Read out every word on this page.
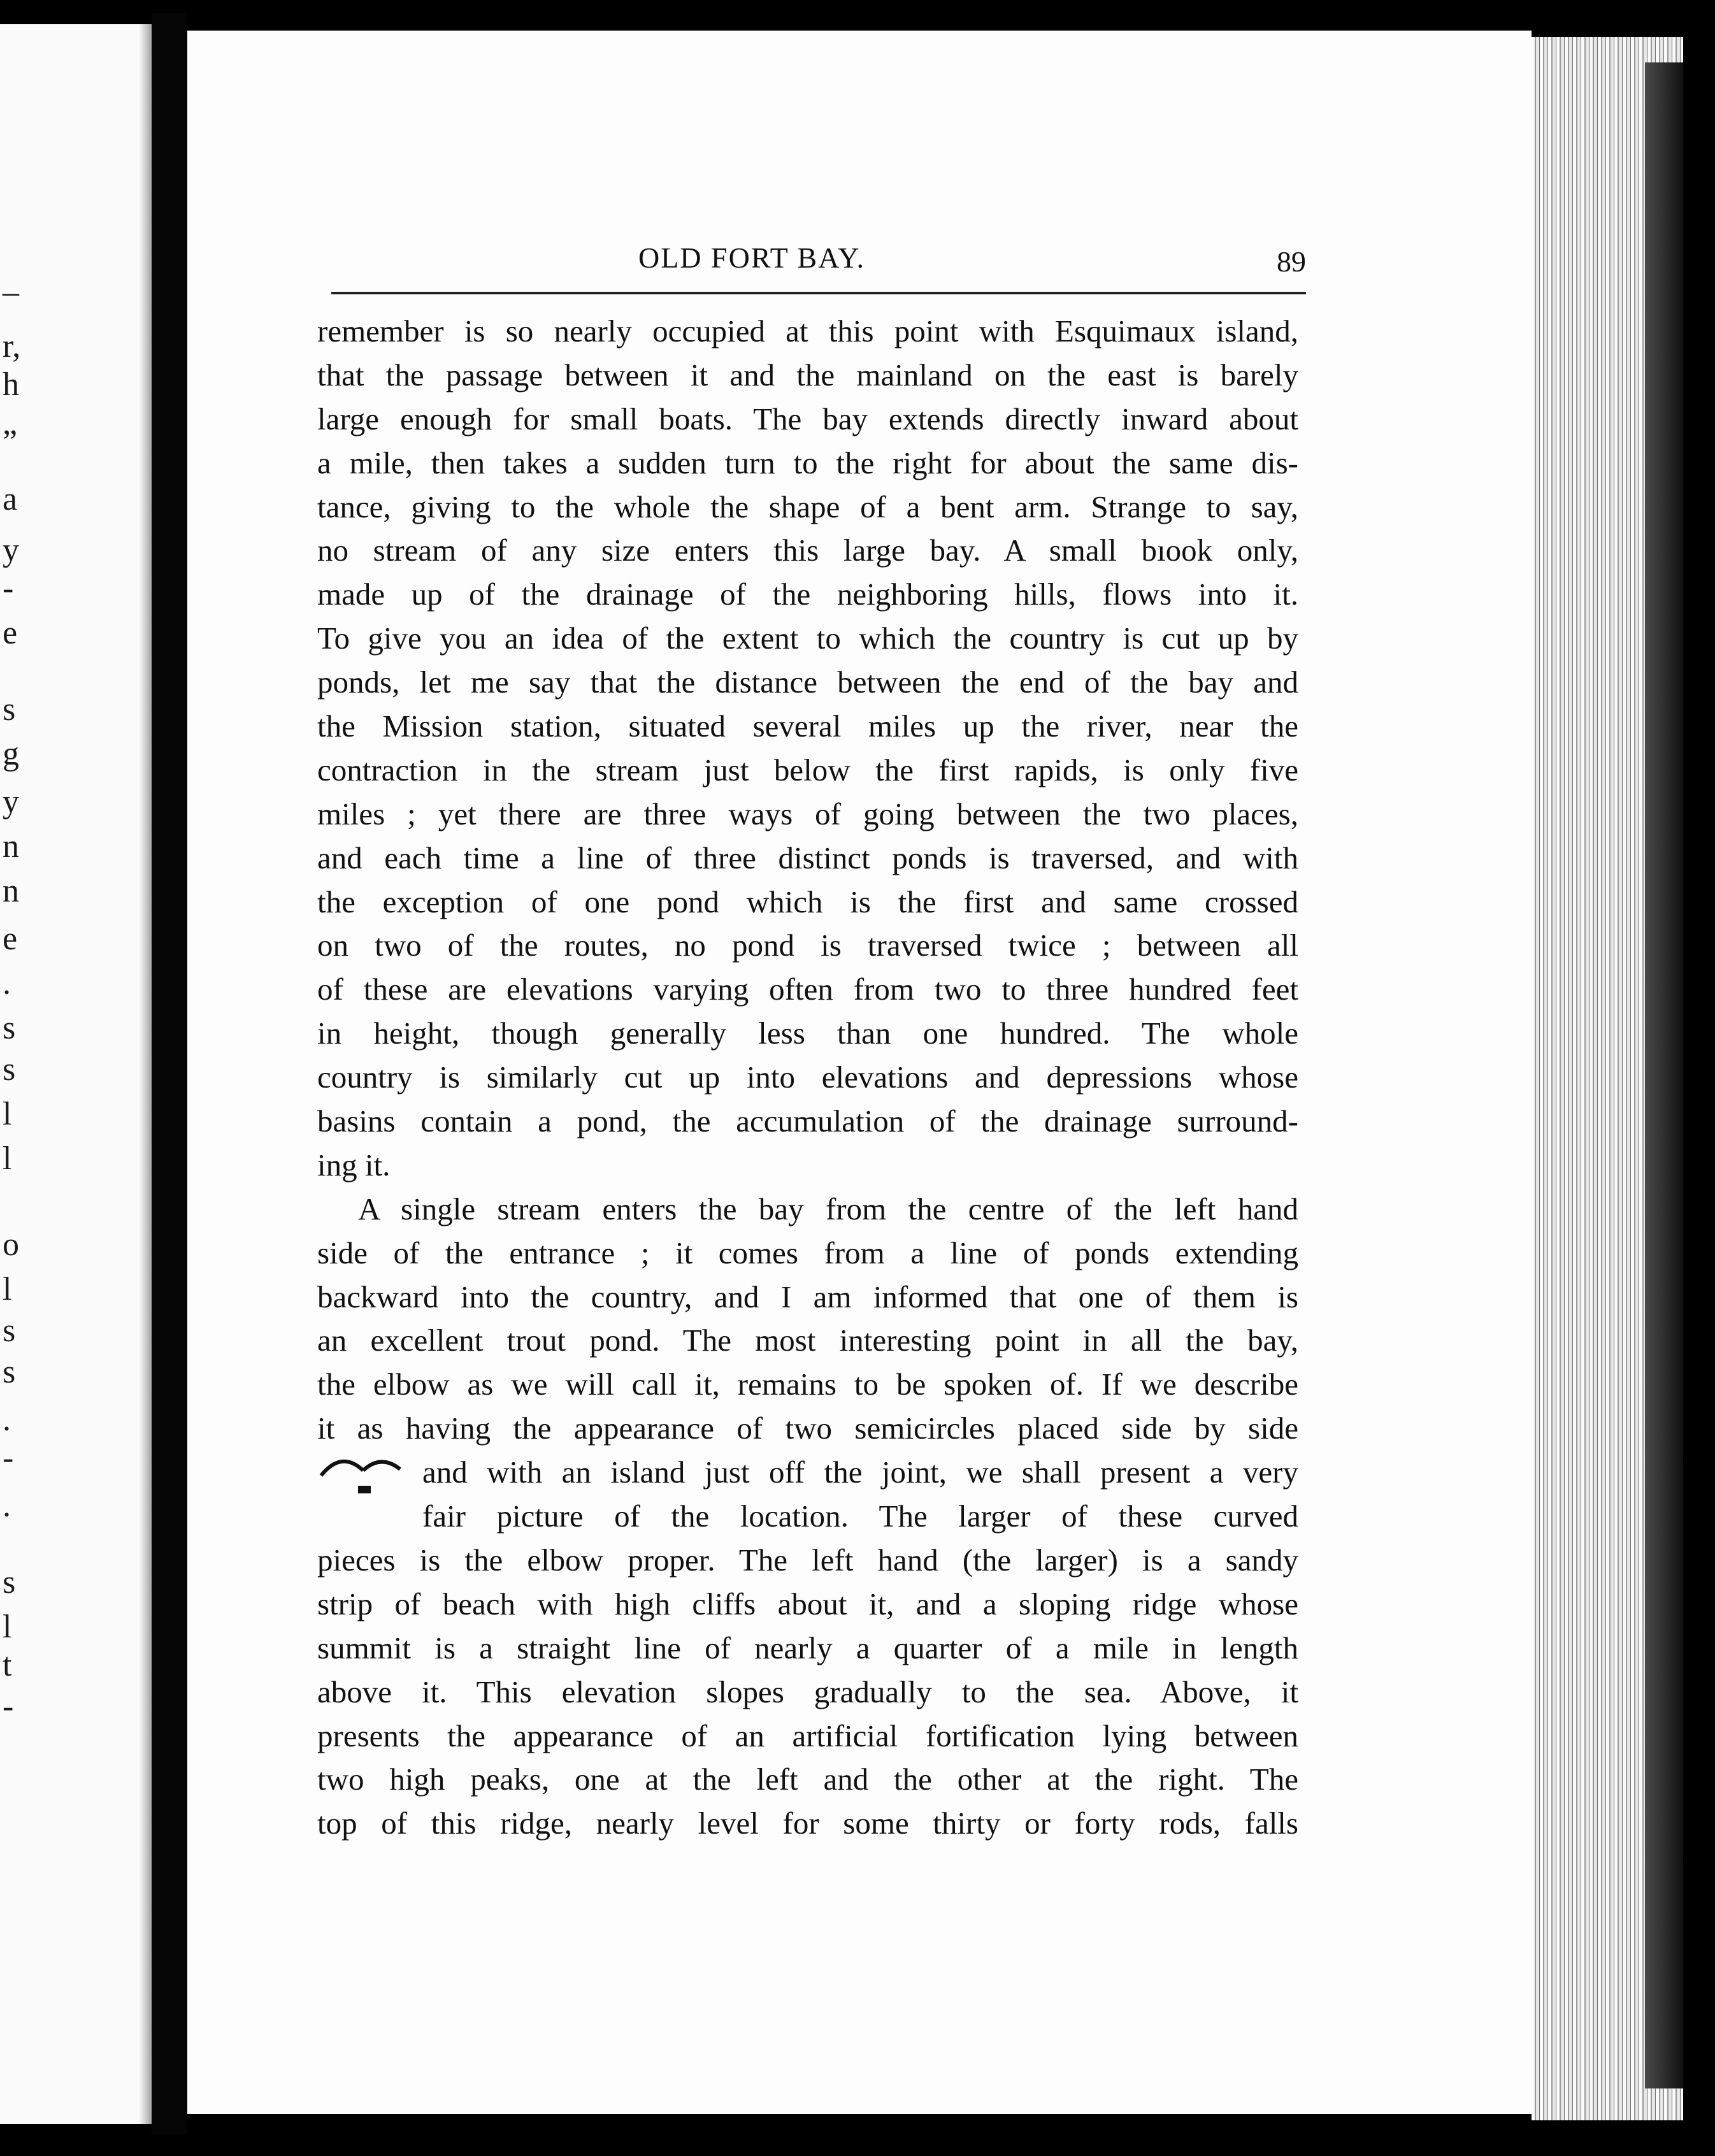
–
r,
h
”
a
y
-
e
s
g
y
n
n
e
.
s
s
l
l
o
l
s
s
.
-
.
s
l
t
-
OLD FORT BAY.	89
remember is so nearly occupied at this point with Esquimaux island,
that the passage between it and the mainland on the east is barely
large enough for small boats. The bay extends directly inward about
a mile, then takes a sudden turn to the right for about the same dis-
tance, giving to the whole the shape of a bent arm. Strange to say,
no stream of any size enters this large bay. A small bıook only,
made up of the drainage of the neighboring hills, flows into it.
To give you an idea of the extent to which the country is cut up by
ponds, let me say that the distance between the end of the bay and
the Mission station, situated several miles up the river, near the
contraction in the stream just below the first rapids, is only five
miles ; yet there are three ways of going between the two places,
and each time a line of three distinct ponds is traversed, and with
the exception of one pond which is the first and same crossed
on two of the routes, no pond is traversed twice ; between all
of these are elevations varying often from two to three hundred feet
in height, though generally less than one hundred. The whole
country is similarly cut up into elevations and depressions whose
basins contain a pond, the accumulation of the drainage surround-
ing it.
A single stream enters the bay from the centre of the left hand
side of the entrance ; it comes from a line of ponds extending
backward into the country, and I am informed that one of them is
an excellent trout pond. The most interesting point in all the bay,
the elbow as we will call it, remains to be spoken of. If we describe
it as having the appearance of two semicircles placed side by side
and with an island just off the joint, we shall present a very
fair picture of the location. The larger of these curved
pieces is the elbow proper. The left hand (the larger) is a sandy
strip of beach with high cliffs about it, and a sloping ridge whose
summit is a straight line of nearly a quarter of a mile in length
above it. This elevation slopes gradually to the sea. Above, it
presents the appearance of an artificial fortification lying between
two high peaks, one at the left and the other at the right. The
top of this ridge, nearly level for some thirty or forty rods, falls
